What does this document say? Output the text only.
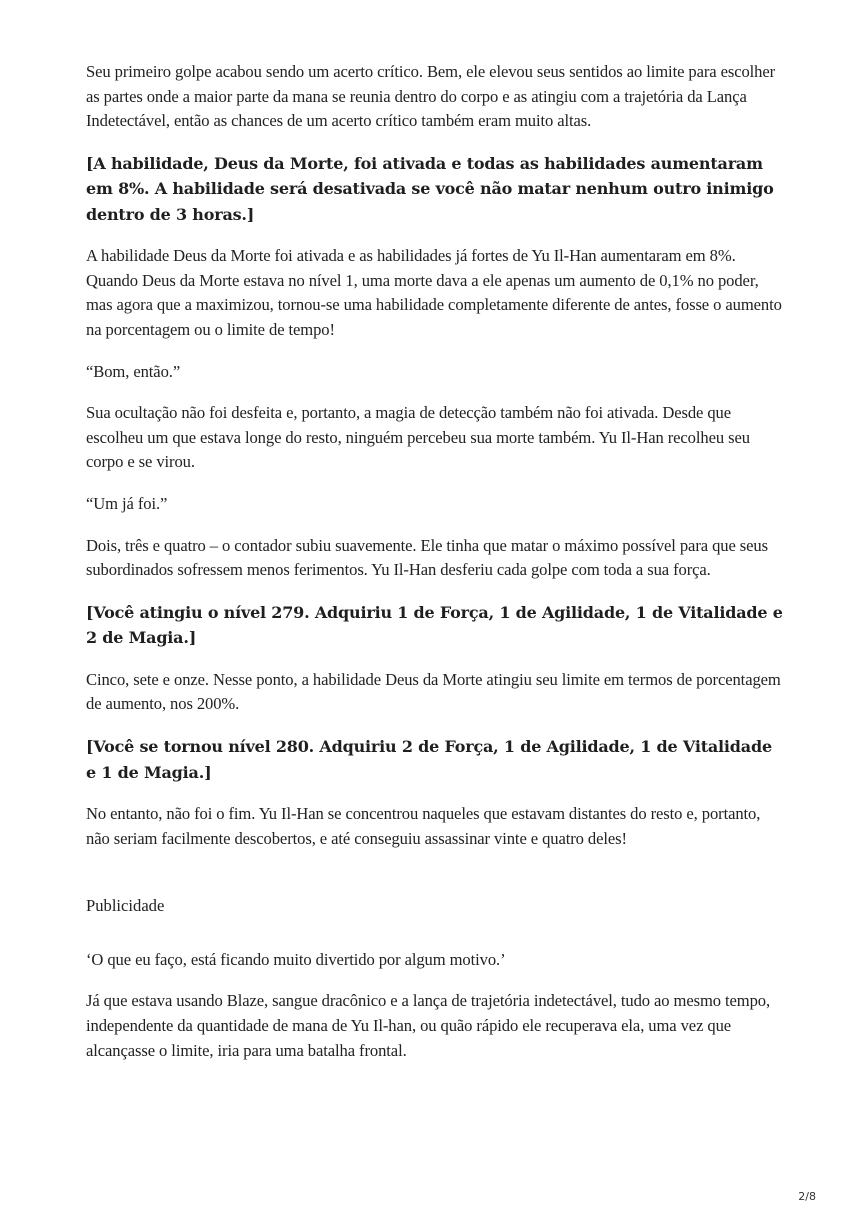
Seu primeiro golpe acabou sendo um acerto crítico. Bem, ele elevou seus sentidos ao limite para escolher as partes onde a maior parte da mana se reunia dentro do corpo e as atingiu com a trajetória da Lança Indetectável, então as chances de um acerto crítico também eram muito altas.

[A habilidade, Deus da Morte, foi ativada e todas as habilidades aumentaram em 8%. A habilidade será desativada se você não matar nenhum outro inimigo dentro de 3 horas.]

A habilidade Deus da Morte foi ativada e as habilidades já fortes de Yu Il-Han aumentaram em 8%. Quando Deus da Morte estava no nível 1, uma morte dava a ele apenas um aumento de 0,1% no poder, mas agora que a maximizou, tornou-se uma habilidade completamente diferente de antes, fosse o aumento na porcentagem ou o limite de tempo!

“Bom, então.”

Sua ocultação não foi desfeita e, portanto, a magia de detecção também não foi ativada. Desde que escolheu um que estava longe do resto, ninguém percebeu sua morte também. Yu Il-Han recolheu seu corpo e se virou.

“Um já foi.”

Dois, três e quatro – o contador subiu suavemente. Ele tinha que matar o máximo possível para que seus subordinados sofressem menos ferimentos. Yu Il-Han desferiu cada golpe com toda a sua força.

[Você atingiu o nível 279. Adquiriu 1 de Força, 1 de Agilidade, 1 de Vitalidade e 2 de Magia.]

Cinco, sete e onze. Nesse ponto, a habilidade Deus da Morte atingiu seu limite em termos de porcentagem de aumento, nos 200%.

[Você se tornou nível 280. Adquiriu 2 de Força, 1 de Agilidade, 1 de Vitalidade e 1 de Magia.]

No entanto, não foi o fim. Yu Il-Han se concentrou naqueles que estavam distantes do resto e, portanto, não seriam facilmente descobertos, e até conseguiu assassinar vinte e quatro deles!

Publicidade

‘O que eu faço, está ficando muito divertido por algum motivo.’

Já que estava usando Blaze, sangue dracônico e a lança de trajetória indetectável, tudo ao mesmo tempo, independente da quantidade de mana de Yu Il-han, ou quão rápido ele recuperava ela, uma vez que alcançasse o limite, iria para uma batalha frontal.

2/8
